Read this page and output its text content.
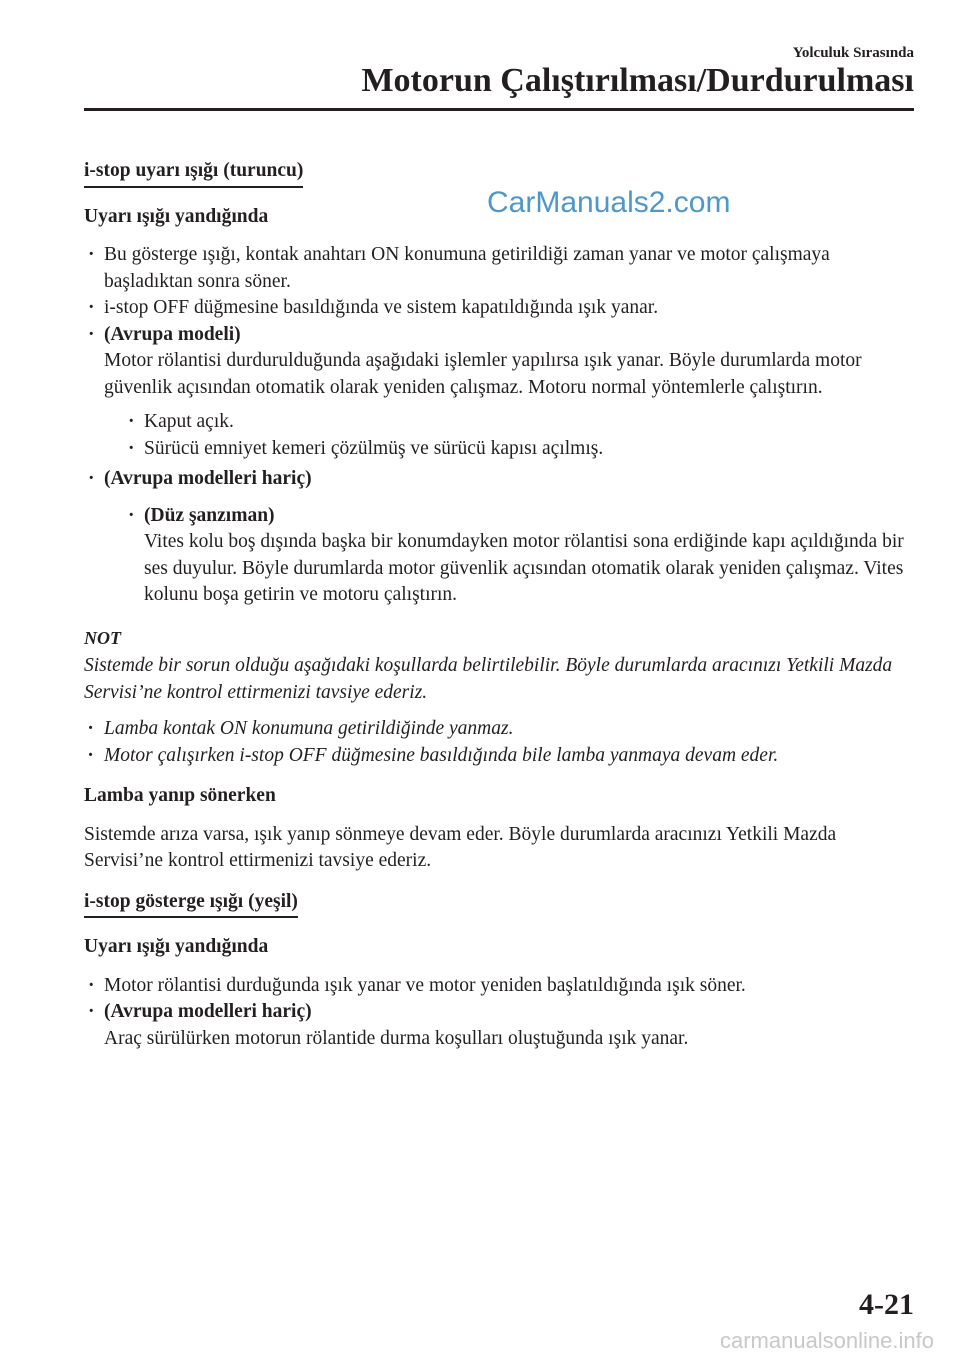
Yolculuk Sırasında
Motorun Çalıştırılması/Durdurulması
CarManuals2.com
i-stop uyarı ışığı (turuncu)
Uyarı ışığı yandığında
· Bu gösterge ışığı, kontak anahtarı ON konumuna getirildiği zaman yanar ve motor çalışmaya başladıktan sonra söner.
· i-stop OFF düğmesine basıldığında ve sistem kapatıldığında ışık yanar.
· (Avrupa modeli)
Motor rölantisi durdurulduğunda aşağıdaki işlemler yapılırsa ışık yanar. Böyle durumlarda motor güvenlik açısından otomatik olarak yeniden çalışmaz. Motoru normal yöntemlerle çalıştırın.
· Kaput açık.
· Sürücü emniyet kemeri çözülmüş ve sürücü kapısı açılmış.
· (Avrupa modelleri hariç)
· (Düz şanzıman)
Vites kolu boş dışında başka bir konumdayken motor rölantisi sona erdiğinde kapı açıldığında bir ses duyulur. Böyle durumlarda motor güvenlik açısından otomatik olarak yeniden çalışmaz. Vites kolunu boşa getirin ve motoru çalıştırın.
NOT
Sistemde bir sorun olduğu aşağıdaki koşullarda belirtilebilir. Böyle durumlarda aracınızı Yetkili Mazda Servisi’ne kontrol ettirmenizi tavsiye ederiz.
· Lamba kontak ON konumuna getirildiğinde yanmaz.
· Motor çalışırken i-stop OFF düğmesine basıldığında bile lamba yanmaya devam eder.
Lamba yanıp sönerken
Sistemde arıza varsa, ışık yanıp sönmeye devam eder. Böyle durumlarda aracınızı Yetkili Mazda Servisi’ne kontrol ettirmenizi tavsiye ederiz.
i-stop gösterge ışığı (yeşil)
Uyarı ışığı yandığında
· Motor rölantisi durduğunda ışık yanar ve motor yeniden başlatıldığında ışık söner.
· (Avrupa modelleri hariç)
Araç sürülürken motorun rölantide durma koşulları oluştuğunda ışık yanar.
4-21
carmanualsonline.info
